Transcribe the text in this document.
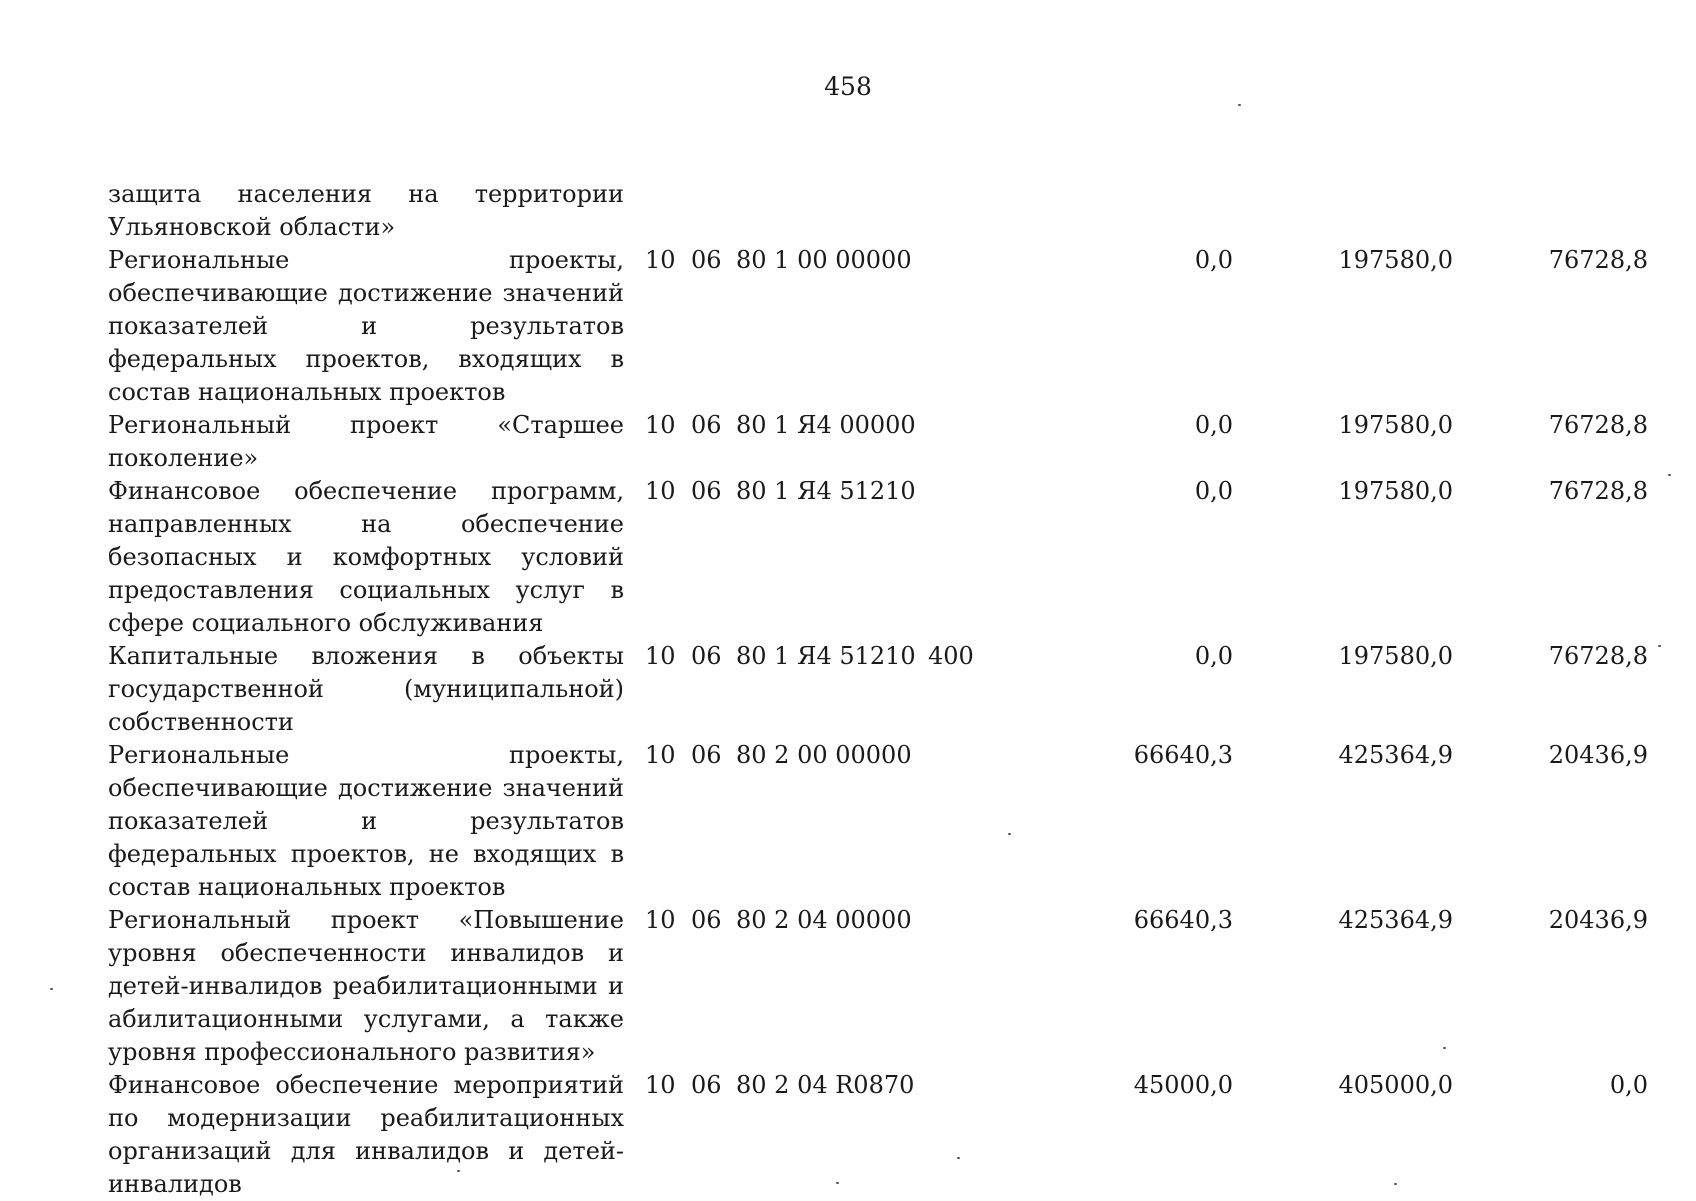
458
защита населения на территории Ульяновской области»
Региональные проекты, обеспечивающие достижение значений показателей и результатов федеральных проектов, входящих в состав национальных проектов
10 06 80 1 00 00000	0,0	197580,0	76728,8
Региональный проект «Старшее поколение»
10 06 80 1 Я4 00000	0,0	197580,0	76728,8
Финансовое обеспечение программ, направленных на обеспечение безопасных и комфортных условий предоставления социальных услуг в сфере социального обслуживания
10 06 80 1 Я4 51210	0,0	197580,0	76728,8
Капитальные вложения в объекты государственной (муниципальной) собственности
10 06 80 1 Я4 51210 400	0,0	197580,0	76728,8
Региональные проекты, обеспечивающие достижение значений показателей и результатов федеральных проектов, не входящих в состав национальных проектов
10 06 80 2 00 00000	66640,3	425364,9	20436,9
Региональный проект «Повышение уровня обеспеченности инвалидов и детей-инвалидов реабилитационными и абилитационными услугами, а также уровня профессионального развития»
10 06 80 2 04 00000	66640,3	425364,9	20436,9
Финансовое обеспечение мероприятий по модернизации реабилитационных организаций для инвалидов и детей-инвалидов
10 06 80 2 04 R0870	45000,0	405000,0	0,0
